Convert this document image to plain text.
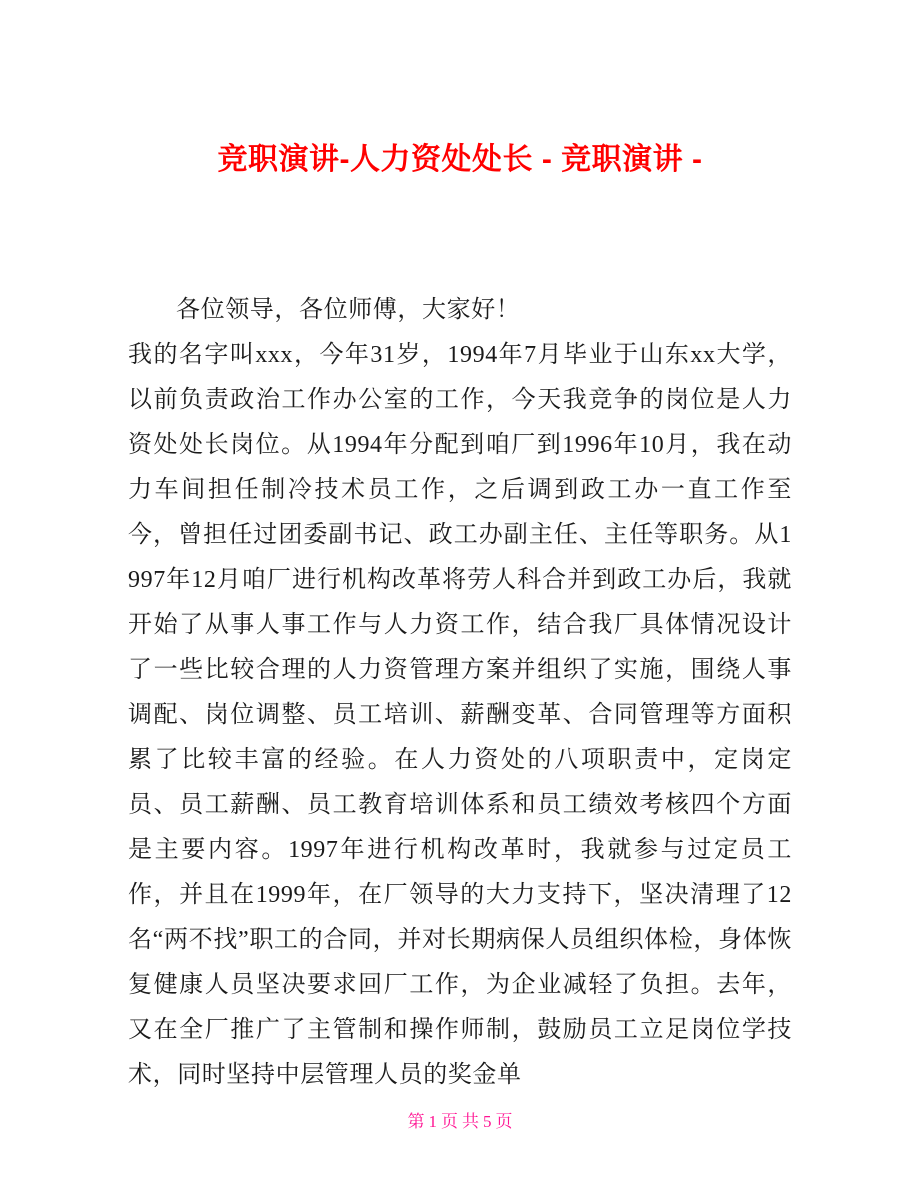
竞职演讲-人力资处处长 - 竞职演讲 -

各位领导，各位师傅，大家好！

我的名字叫xxx，今年31岁，1994年7月毕业于山东xx大学，以前负责政治工作办公室的工作，今天我竞争的岗位是人力资处处长岗位。从1994年分配到咱厂到1996年10月，我在动力车间担任制冷技术员工作，之后调到政工办一直工作至今，曾担任过团委副书记、政工办副主任、主任等职务。从1997年12月咱厂进行机构改革将劳人科合并到政工办后，我就开始了从事人事工作与人力资工作，结合我厂具体情况设计了一些比较合理的人力资管理方案并组织了实施，围绕人事调配、岗位调整、员工培训、薪酬变革、合同管理等方面积累了比较丰富的经验。在人力资处的八项职责中，定岗定员、员工薪酬、员工教育培训体系和员工绩效考核四个方面是主要内容。1997年进行机构改革时，我就参与过定员工作，并且在1999年，在厂领导的大力支持下，坚决清理了12名“两不找”职工的合同，并对长期病保人员组织体检，身体恢复健康人员坚决要求回厂工作，为企业减轻了负担。去年，又在全厂推广了主管制和操作师制，鼓励员工立足岗位学技术，同时坚持中层管理人员的奖金单

第 1 页 共 5 页
